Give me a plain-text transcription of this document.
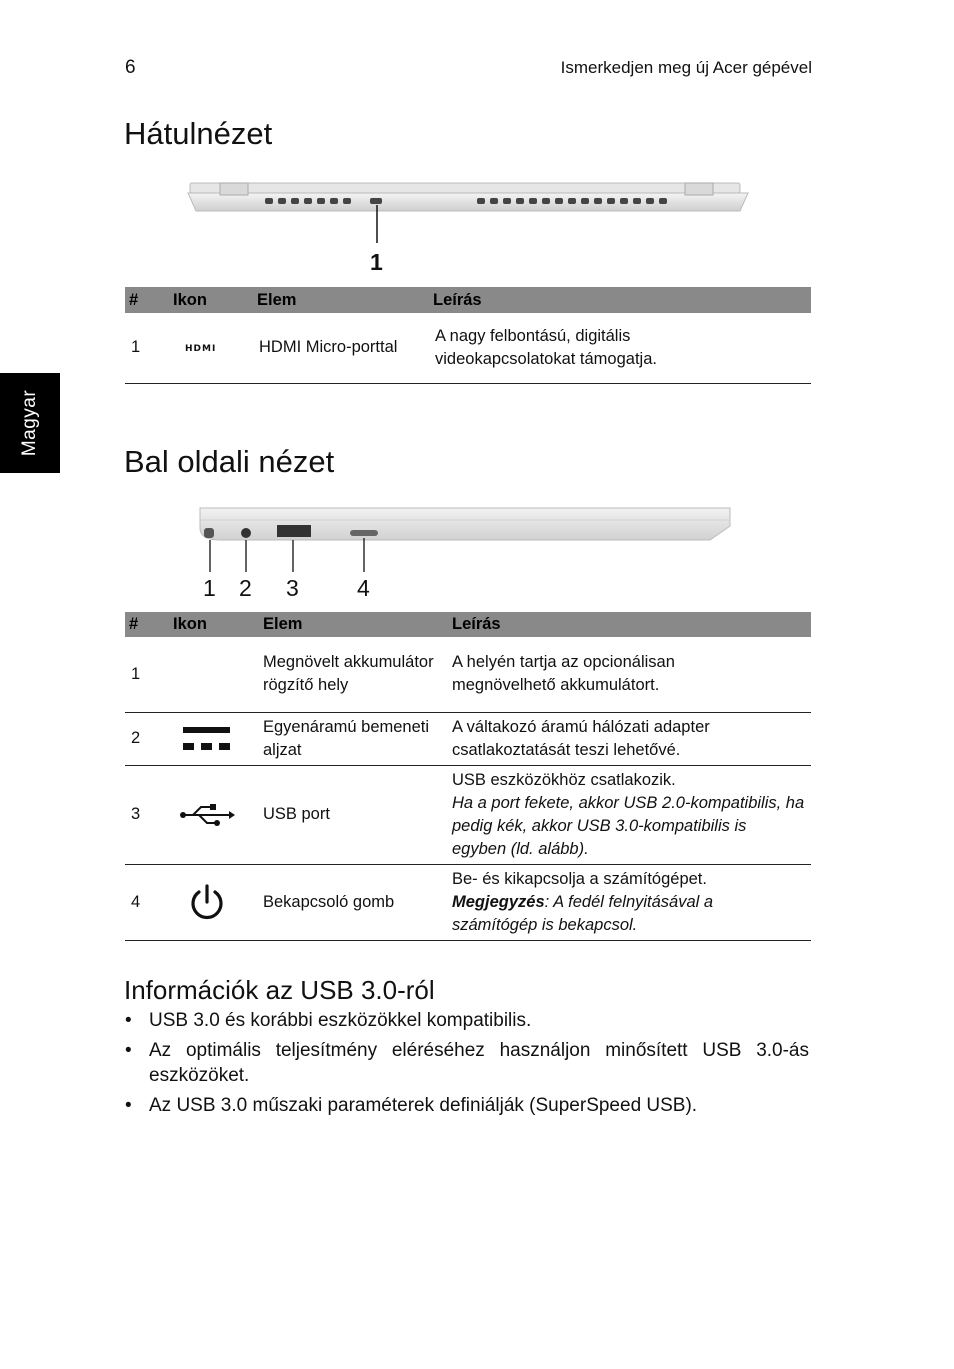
6	Ismerkedjen meg új Acer gépével
Magyar
Hátulnézet
1
#	Ikon	Elem	Leírás
1	HDMI	HDMI Micro-porttal	A nagy felbontású, digitális videokapcsolatokat támogatja.
Bal oldali nézet
1 2 3	4
#	Ikon	Elem	Leírás
1		Megnövelt akkumulátor rögzítő hely	A helyén tartja az opcionálisan megnövelhető akkumulátort.
2		Egyenáramú bemeneti aljzat	A váltakozó áramú hálózati adapter csatlakoztatását teszi lehetővé.
3		USB port	USB eszközökhöz csatlakozik.
Ha a port fekete, akkor USB 2.0-kompatibilis, ha pedig kék, akkor USB 3.0-kompatibilis is egyben (ld. alább).

4		Bekapcsoló gomb	Be- és kikapcsolja a számítógépet.
Megjegyzés: A fedél felnyitásával a számítógép is bekapcsol.
Információk az USB 3.0-ról
• USB 3.0 és korábbi eszközökkel kompatibilis.
• Az optimális teljesítmény eléréséhez használjon minősített USB 3.0-ás eszközöket.
• Az USB 3.0 műszaki paraméterek definiálják (SuperSpeed USB).
